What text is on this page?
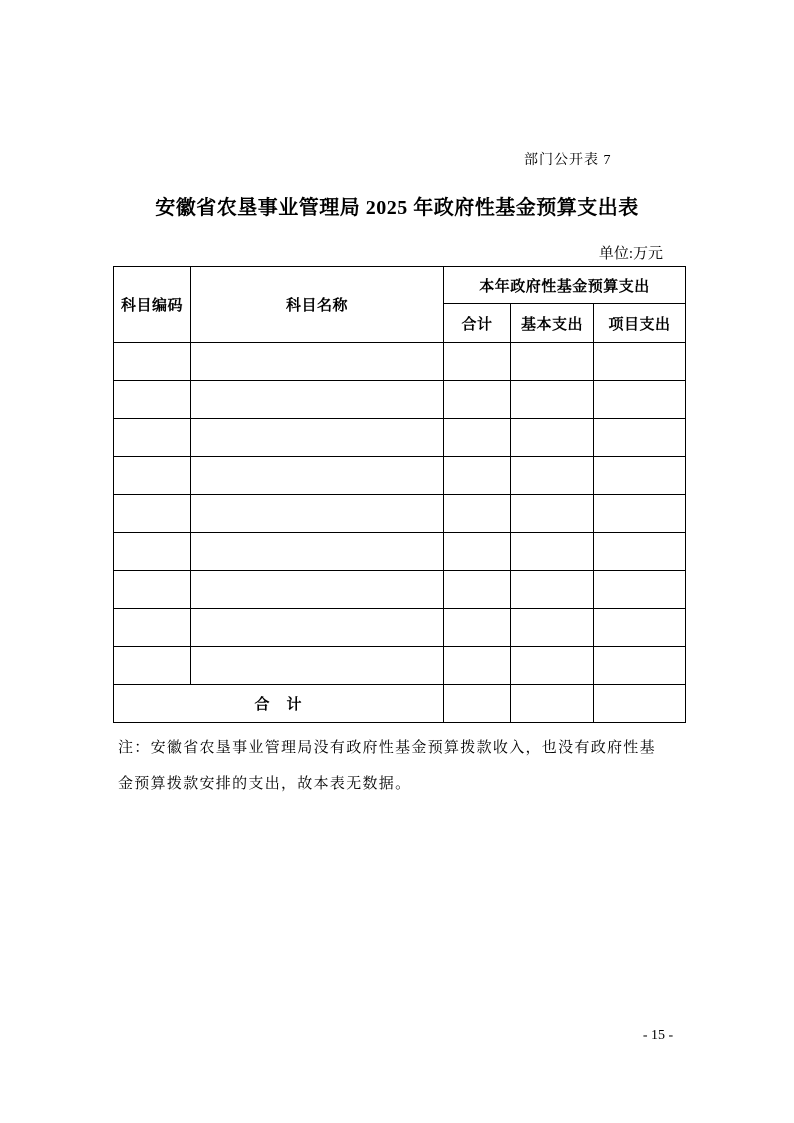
部门公开表 7
安徽省农垦事业管理局 2025 年政府性基金预算支出表
单位:万元
科目编码	科目名称	本年政府性基金预算支出		
		合计	基本支出	项目支出

合　计				
注：安徽省农垦事业管理局没有政府性基金预算拨款收入，也没有政府性基
金预算拨款安排的支出，故本表无数据。
- 15 -
